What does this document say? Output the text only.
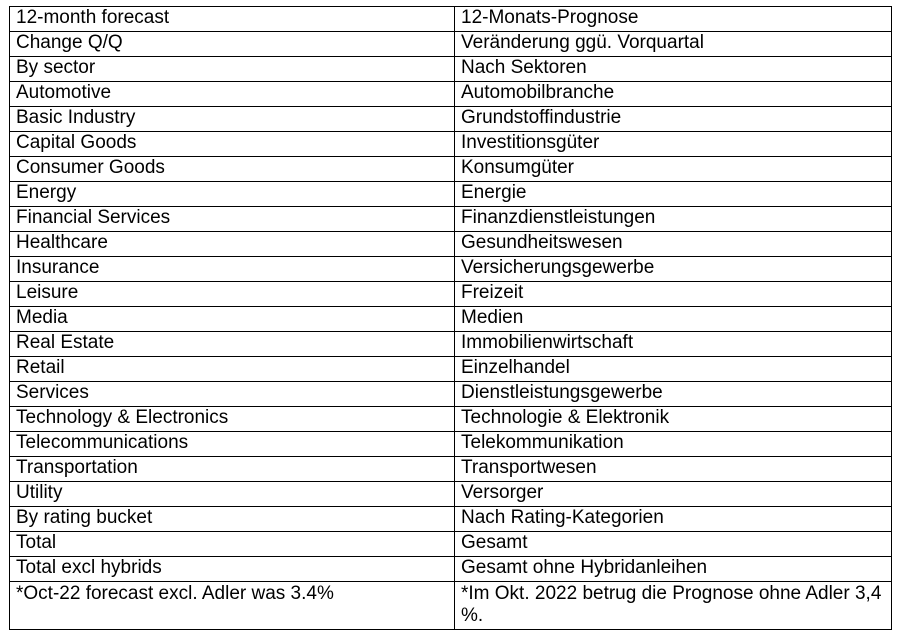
12-month forecast	12-Monats-Prognose
Change Q/Q	Veränderung ggü. Vorquartal
By sector	Nach Sektoren
Automotive	Automobilbranche
Basic Industry	Grundstoffindustrie
Capital Goods	Investitionsgüter
Consumer Goods	Konsumgüter
Energy	Energie
Financial Services	Finanzdienstleistungen
Healthcare	Gesundheitswesen
Insurance	Versicherungsgewerbe
Leisure	Freizeit
Media	Medien
Real Estate	Immobilienwirtschaft
Retail	Einzelhandel
Services	Dienstleistungsgewerbe
Technology & Electronics	Technologie & Elektronik
Telecommunications	Telekommunikation
Transportation	Transportwesen
Utility	Versorger
By rating bucket	Nach Rating-Kategorien
Total	Gesamt
Total excl hybrids	Gesamt ohne Hybridanleihen
*Oct-22 forecast excl. Adler was 3.4%	*Im Okt. 2022 betrug die Prognose ohne Adler 3,4 %.
